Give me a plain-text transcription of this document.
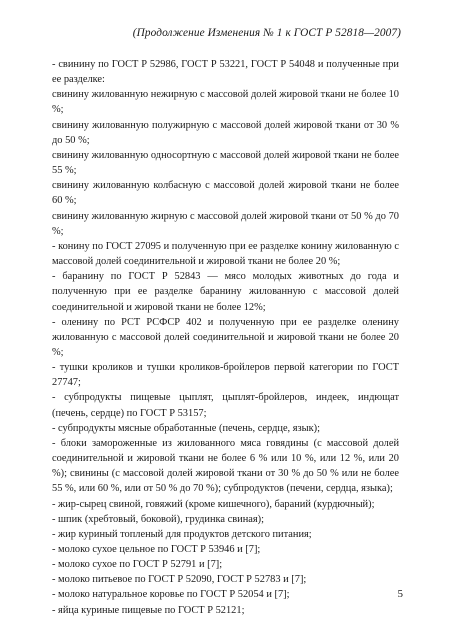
(Продолжение Изменения № 1 к ГОСТ Р 52818—2007)

- свинину по ГОСТ Р 52986, ГОСТ Р 53221, ГОСТ Р 54048 и полученные при ее разделке:

свинину жилованную нежирную с массовой долей жировой ткани не более 10 %;

свинину жилованную полужирную с массовой долей жировой ткани от 30 % до 50 %;

свинину жилованную односортную с массовой долей жировой ткани не более 55 %;

свинину жилованную колбасную с массовой долей жировой ткани не более 60 %;

свинину жилованную жирную с массовой долей жировой ткани от 50 % до 70 %;

- конину по ГОСТ 27095 и полученную при ее разделке конину жилованную с массовой долей соединительной и жировой ткани не более 20 %;

- баранину по ГОСТ Р 52843 — мясо молодых животных до года и полученную при ее разделке баранину жилованную с массовой долей соединительной и жировой ткани не более 12%;

- оленину по РСТ РСФСР 402 и полученную при ее разделке оленину жилованную с массовой долей соединительной и жировой ткани не более 20 %;

- тушки кроликов и тушки кроликов-бройлеров первой категории по ГОСТ 27747;

- субпродукты пищевые цыплят, цыплят-бройлеров, индеек, индющат (печень, сердце) по ГОСТ Р 53157;

- субпродукты мясные обработанные (печень, сердце, язык);

- блоки замороженные из жилованного мяса говядины (с массовой долей соединительной и жировой ткани не более 6 % или 10 %, или 12 %, или 20 %); свинины (с массовой долей жировой ткани от 30 % до 50 % или не более 55 %, или 60 %, или от 50 % до 70 %); субпродуктов (печени, сердца, языка);

- жир-сырец свиной, говяжий (кроме кишечного), бараний (курдючный);

- шпик (хребтовый, боковой), грудинка свиная);

- жир куриный топленый для продуктов детского питания;

- молоко сухое цельное по ГОСТ Р 53946 и [7];

- молоко сухое по ГОСТ Р 52791 и [7];

- молоко питьевое по ГОСТ Р 52090, ГОСТ Р 52783 и [7];

- молоко натуральное коровье по ГОСТ Р 52054 и [7];

- яйца куриные пищевые по ГОСТ Р 52121;

5
